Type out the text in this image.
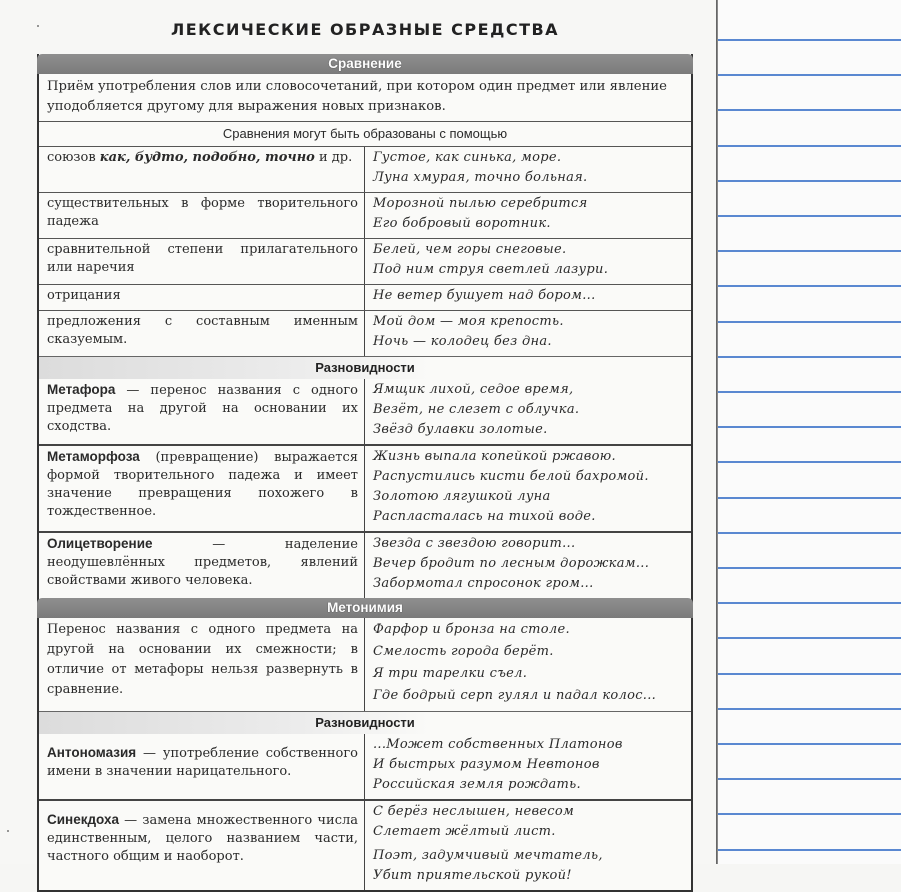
ЛЕКСИЧЕСКИЕ ОБРАЗНЫЕ СРЕДСТВА
Сравнение
Приём употребления слов или словосочетаний, при котором один предмет или явление уподобляется другому для выражения новых признаков.
Сравнения могут быть образованы с помощью
союзов как, будто, подобно, точно и др.	Густое, как синька, море.
Луна хмурая, точно больная.
существительных в форме творительного падежа
Морозной пылью серебрится
Его бобровый воротник.
сравнительной степени прилагательного или наречия
Белей, чем горы снеговые.
Под ним струя светлей лазури.
отрицания	Не ветер бушует над бором...
предложения с составным именным сказуемым.
Мой дом — моя крепость.
Ночь — колодец без дна.
Разновидности
Метафора — перенос названия с одного предмета на другой на основании их сходства.
Ямщик лихой, седое время,
Везёт, не слезет с облучка.
Звёзд булавки золотые.
Метаморфоза (превращение) выражается формой творительного падежа и имеет значение превращения похожего в тождественное.
Жизнь выпала копейкой ржавою.
Распустились кисти белой бахромой.
Золотою лягушкой луна
Распласталась на тихой воде.
Олицетворение — наделение неодушевлённых предметов, явлений свойствами живого человека.
Звезда с звездою говорит...
Вечер бродит по лесным дорожкам...
Забормотал спросонок гром...
Метонимия
Перенос названия с одного предмета на другой на основании их смежности; в отличие от метафоры нельзя развернуть в сравнение.
Фарфор и бронза на столе.
Смелость города берёт.
Я три тарелки съел.
Где бодрый серп гулял и падал колос...
Разновидности
Антономазия — употребление собственного имени в значении нарицательного.
...Может собственных Платонов
И быстрых разумом Невтонов
Российская земля рождать.
Синекдоха — замена множественного числа единственным, целого названием части, частного общим и наоборот.
С берёз неслышен, невесом
Слетает жёлтый лист.
Поэт, задумчивый мечтатель,
Убит приятельской рукой!
